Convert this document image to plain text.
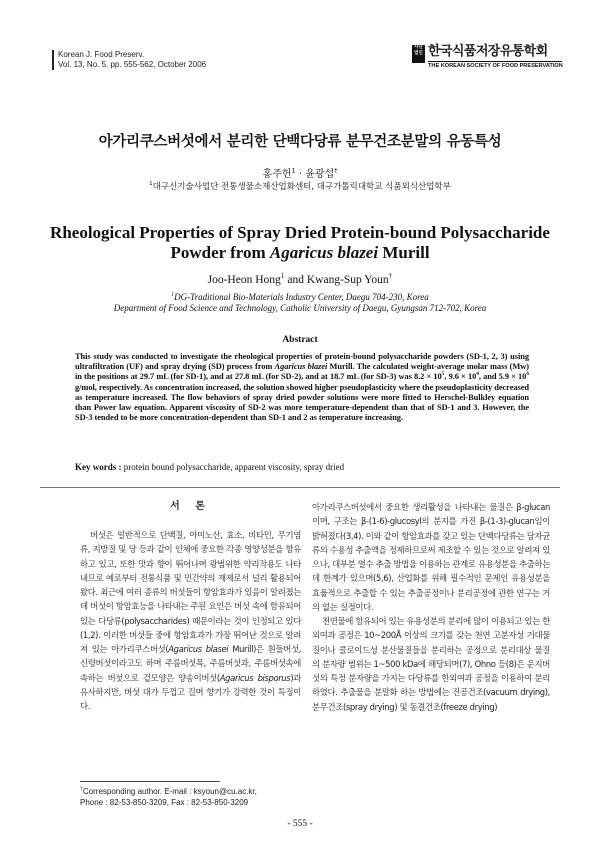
Korean J. Food Preserv.
Vol. 13, No. 5. pp. 555-562, October 2006
사단법인 한국식품저장유통학회
THE KOREAN SOCIETY OF FOOD PRESERVATION
아가리쿠스버섯에서 분리한 단백다당류 분무건조분말의 유동특성
홍주헌$^1$ · 윤광섭†
$^1$대구신기술사업단 전통생물소재산업화센터, 대구가톨릭대학교 식품외식산업학부
Rheological Properties of Spray Dried Protein-bound Polysaccharide
Powder from Agaricus blazei Murill
Joo-Heon Hong$^1$ and Kwang-Sup Youn†
$^1$DG-Traditional Bio-Materials Industry Center, Daegu 704-230, Korea
Department of Food Science and Technology, Catholic University of Daegu, Gyungsan 712-702, Korea
Abstract
This study was conducted to investigate the rheological properties of protein-bound polysaccharide powders (SD-1, 2, 3) using ultrafiltration (UF) and spray drying (SD) process from Agaricus blazei Murill. The calculated weight-average molar mass (Mw) in the positions at 29.7 mL (for SD-1), and at 27.8 mL (for SD-2), and at 18.7 mL (for SD-3) was $8.2 \times 10^5$, $9.6 \times 10^4$, and $5.9 \times 10^6$ g/mol, respectively. As concentration increased, the solution showed higher pseudoplasticity where the pseudoplasticity decreased as temperature increased. The flow behaviors of spray dried powder solutions were more fitted to Herschel-Bulkley equation than Power law equation. Apparent viscosity of SD-2 was more temperature-dependent than that of SD-1 and 3. However, the SD-3 tended to be more concentration-dependent than SD-1 and 2 as temperature increasing.
Key words : protein bound polysaccharide, apparent viscosity, spray dried
서 론

버섯은 일반적으로 단백질, 아미노산, 효소, 비타민, 무기염류, 지방질 및 당 등과 같이 인체에 중요한 각종 영양성분을 함유하고 있고, 또한 맛과 향이 뛰어나며 광범위한 약리작용도 나타내므로 예로부터 전통식품 및 민간약의 재제로서 널리 활용되어 왔다. 최근에 여러 종류의 버섯들이 항암효과가 있음이 알려졌는데 버섯이 항암효능을 나타내는 주된 요인은 버섯 속에 함유되어 있는 다당류(polysaccharides) 때문이라는 것이 인정되고 있다(1,2). 이러한 버섯들 중에 항암효과가 가장 뛰어난 것으로 알려져 있는 아가리쿠스버섯(Agaricus blasei Murill)은 흰들버섯, 신령버섯이라고도 하며 주름버섯목, 주름버섯과, 주름버섯속에 속하는 버섯으로 겉모양은 양송이버섯(Agaricus bisporus)과 유사하지만, 버섯 대가 두껍고 길며 향기가 강력한 것이 특징이다.

아가리쿠스버섯에서 중요한 생리활성을 나타내는 물질은 β-glucan이며, 구조는 β-(1-6)-glucosyl의 분지를 가진 β-(1-3)-glucan임이 밝혀졌다(3,4). 이와 같이 항암효과를 갖고 있는 단백다당류는 담자균류의 수용성 추출액을 정제하므로써 제조할 수 있는 것으로 알려져 있으나, 대부분 열수 추출 방법을 이용하는 관계로 유용성분을 추출하는데 한계가 있으며(5,6), 산업화를 위해 필수적인 문제인 유용성분을 효율적으로 추출할 수 있는 추출공정이나 분리공정에 관한 연구는 거의 없는 실정이다.

천연물에 함유되어 있는 유용성분의 분리에 많이 이용되고 있는 한외여과 공정은 10~200Å 이상의 크기를 갖는 천연 고분자성 거대물질이나 콜로이드성 분산물질들을 분리하는 공정으로 분리대상 물질의 분자량 범위는 1~500 kDa에 해당되며(7), Ohno 등(8)은 운지버섯의 특정 분자량을 가지는 다당류를 한외여과 공정을 이용하여 분리하였다. 추출물을 분말화 하는 방법에는 진공건조(vacuum drying), 분무건조(spray drying) 및 동결건조(freeze drying)

†Corresponding author. E-mail : ksyoun@cu.ac.kr,
Phone : 82-53-850-3209, Fax : 82-53-850-3209
- 555 -
